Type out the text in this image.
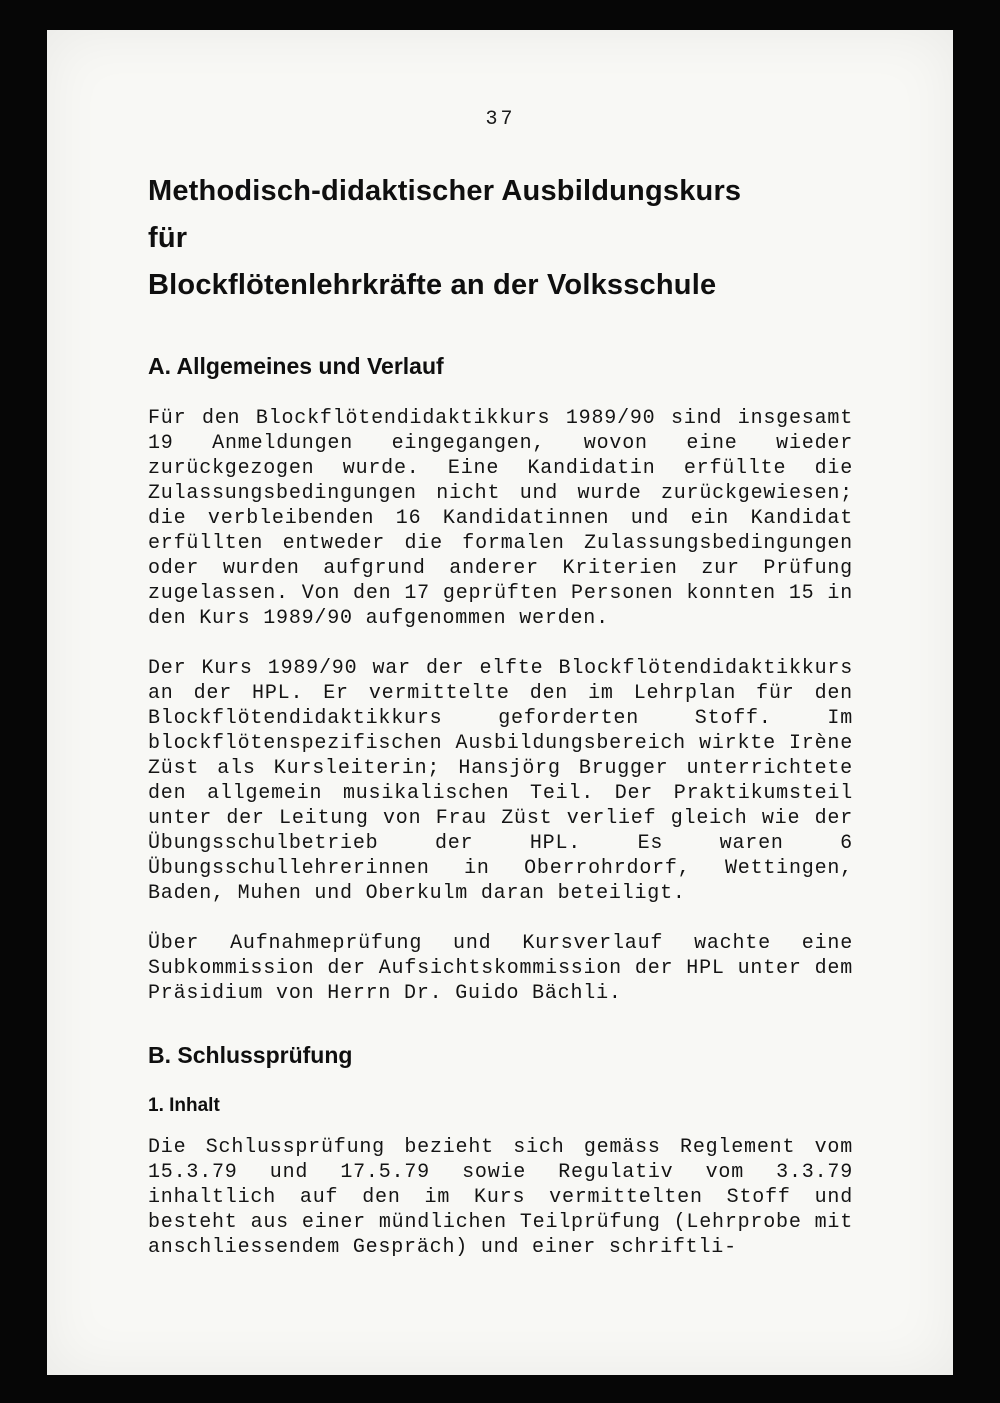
37
Methodisch-didaktischer Ausbildungskurs
für
Blockflötenlehrkräfte an der Volksschule
A. Allgemeines und Verlauf

Für den Blockflötendidaktikkurs 1989/90 sind insgesamt 19 Anmeldungen eingegangen, wovon eine wieder zurückgezogen wurde. Eine Kandidatin erfüllte die Zulassungsbedingungen nicht und wurde zurückgewiesen; die verbleibenden 16 Kandidatinnen und ein Kandidat erfüllten entweder die formalen Zulassungsbedingungen oder wurden aufgrund anderer Kriterien zur Prüfung zugelassen. Von den 17 geprüften Personen konnten 15 in den Kurs 1989/90 aufgenommen werden.

Der Kurs 1989/90 war der elfte Blockflötendidaktikkurs an der HPL. Er vermittelte den im Lehrplan für den Blockflötendidaktikkurs geforderten Stoff. Im blockflötenspezifischen Ausbildungsbereich wirkte Irène Züst als Kursleiterin; Hansjörg Brugger unterrichtete den allgemein musikalischen Teil. Der Praktikumsteil unter der Leitung von Frau Züst verlief gleich wie der Übungsschulbetrieb der HPL. Es waren 6 Übungsschullehrerinnen in Oberrohrdorf, Wettingen, Baden, Muhen und Oberkulm daran beteiligt.

Über Aufnahmeprüfung und Kursverlauf wachte eine Subkommission der Aufsichtskommission der HPL unter dem Präsidium von Herrn Dr. Guido Bächli.

B. Schlussprüfung
1. Inhalt

Die Schlussprüfung bezieht sich gemäss Reglement vom 15.3.79 und 17.5.79 sowie Regulativ vom 3.3.79 inhaltlich auf den im Kurs vermittelten Stoff und besteht aus einer mündlichen Teilprüfung (Lehrprobe mit anschliessendem Gespräch) und einer schriftli-
